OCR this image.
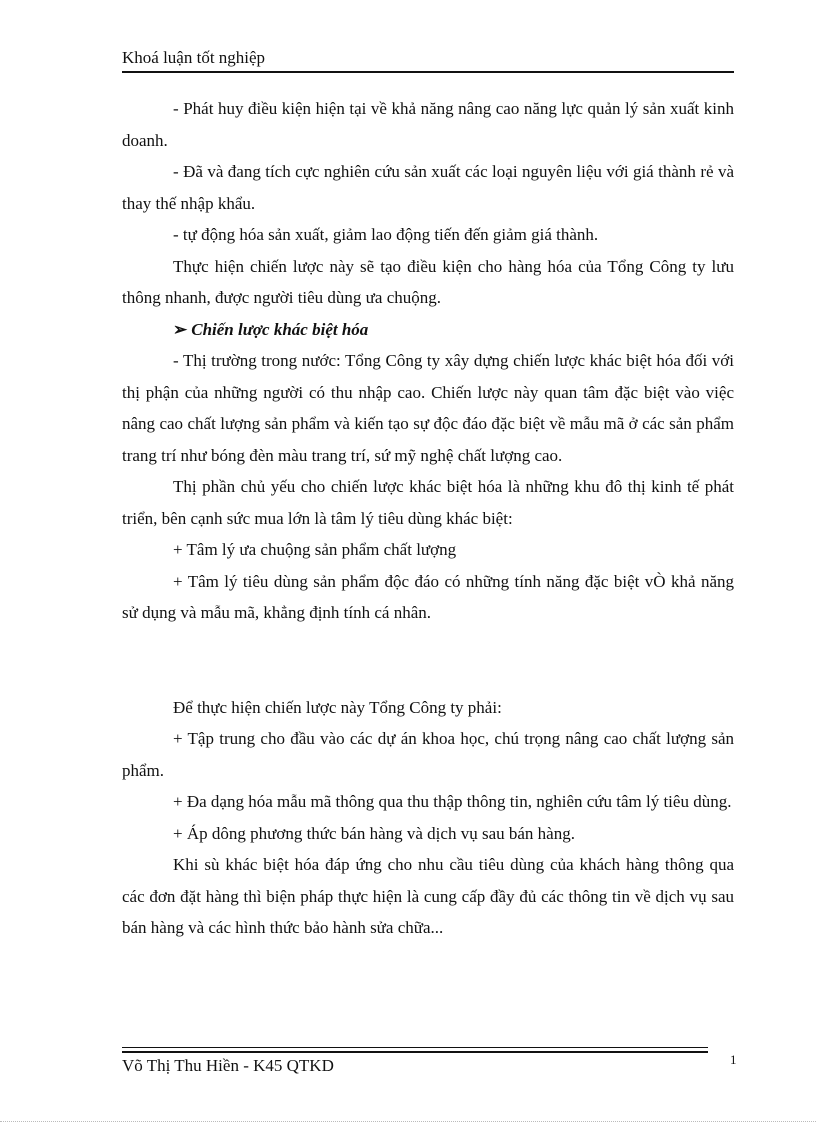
Khoá luận tốt nghiệp

- Phát huy điều kiện hiện tại về khả năng nâng cao năng lực quản lý sản xuất kinh doanh.

- Đã và đang tích cực nghiên cứu sản xuất các loại nguyên liệu với giá thành rẻ và thay thế nhập khẩu.

- tự động hóa sản xuất, giảm lao động tiến đến giảm giá thành.

Thực hiện chiến lược này sẽ tạo điều kiện cho hàng hóa của Tổng Công ty lưu thông nhanh, được người tiêu dùng ưa chuộng.

➢ Chiến lược khác biệt hóa

- Thị trường trong nước: Tổng Công ty xây dựng chiến lược khác biệt hóa đối với thị phận của những người có thu nhập cao. Chiến lược này quan tâm đặc biệt vào việc nâng cao chất lượng sản phẩm và kiến tạo sự độc đáo đặc biệt về mẫu mã ở các sản phẩm trang trí như bóng đèn màu trang trí, sứ mỹ nghệ chất lượng cao.

Thị phần chủ yếu cho chiến lược khác biệt hóa là những khu đô thị kinh tế phát triển, bên cạnh sức mua lớn là tâm lý tiêu dùng khác biệt:

+ Tâm lý ưa chuộng sản phẩm chất lượng

+ Tâm lý tiêu dùng sản phẩm độc đáo có những tính năng đặc biệt vÒ khả năng sử dụng và mẫu mã, khẳng định tính cá nhân.

Để thực hiện chiến lược này Tổng Công ty phải:

+ Tập trung cho đầu vào các dự án khoa học, chú trọng nâng cao chất lượng sản phẩm.

+ Đa dạng hóa mẫu mã thông qua thu thập thông tin, nghiên cứu tâm lý tiêu dùng.

+ Áp dông phương thức bán hàng và dịch vụ sau bán hàng.

Khi sù khác biệt hóa đáp ứng cho nhu cầu tiêu dùng của khách hàng thông qua các đơn đặt hàng thì biện pháp thực hiện là cung cấp đầy đủ các thông tin về dịch vụ sau bán hàng và các hình thức bảo hành sửa chữa...

Võ Thị Thu Hiền - K45 QTKD	1
